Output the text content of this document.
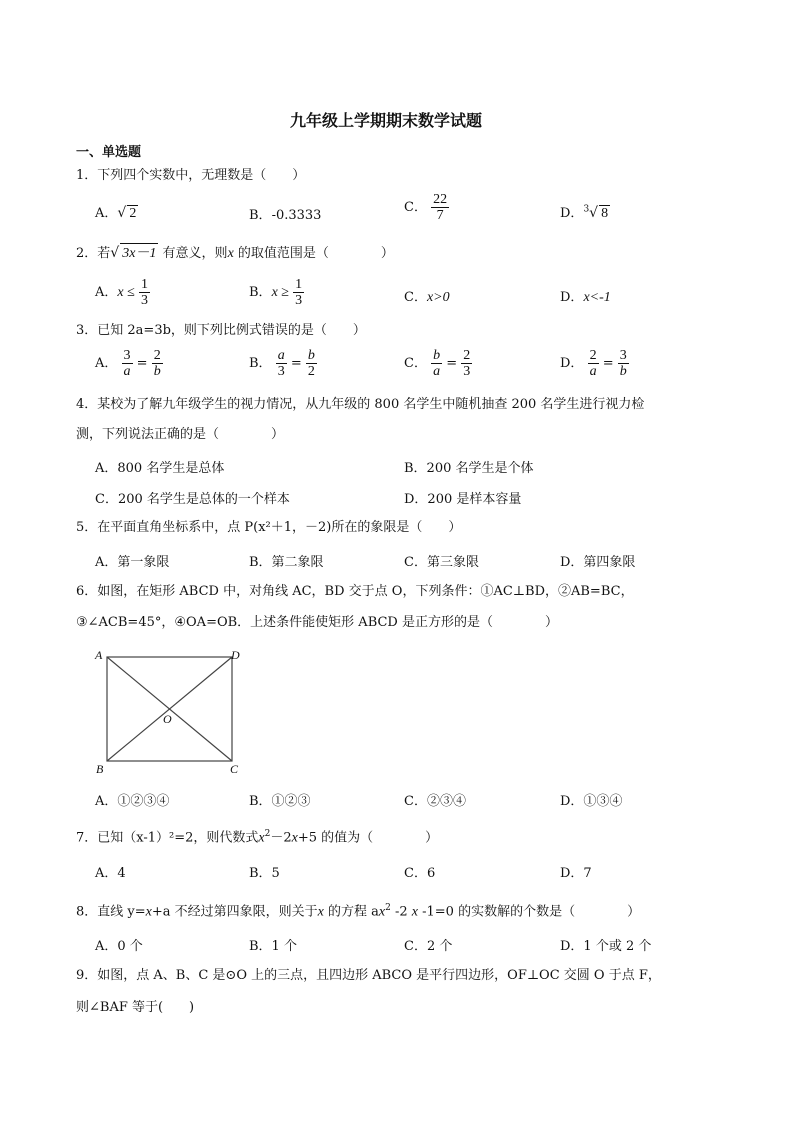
九年级上学期期末数学试题
一、单选题
1．下列四个实数中，无理数是（　　）
A．√ 2	B．-0.3333
C． $\frac{22}{7}$	D．$^3$√ 8
2．若√ 3x－1 有意义，则x 的取值范围是（　　　　）
A．$x \le \frac{1}{3}$	B．$x \ge \frac{1}{3}$	C．x>0	D．x<-1
3．已知 2a=3b，则下列比例式错误的是（　　）
A． $\frac{3}{a} = \frac{2}{b}$	B． $\frac{a}{3} = \frac{b}{2}$	C． $\frac{b}{a} = \frac{2}{3}$	D． $\frac{2}{a} = \frac{3}{b}$
4．某校为了解九年级学生的视力情况，从九年级的 800 名学生中随机抽查 200 名学生进行视力检
测，下列说法正确的是（　　　　）
A．800 名学生是总体	B．200 名学生是个体
C．200 名学生是总体的一个样本	D．200 是样本容量
5．在平面直角坐标系中，点 P(x²＋1，－2)所在的象限是（　　）
A．第一象限	B．第二象限	C．第三象限	D．第四象限
6．如图，在矩形 ABCD 中，对角线 AC，BD 交于点 O，下列条件：①AC⊥BD，②AB=BC，
③∠ACB=45°，④OA=OB．上述条件能使矩形 ABCD 是正方形的是（　　　　）
A	D
B	C
O
A．①②③④	B．①②③	C．②③④	D．①③④
7．已知（x-1）²=2，则代数式$x^2-2x+5$ 的值为（　　　　）
A．4	B．5	C．6	D．7
8．直线 y=x+a 不经过第四象限，则关于x 的方程 $ax^2$ -2 x -1=0 的实数解的个数是（　　　　）
A．0 个	B．1 个	C．2 个	D．1 个或 2 个
9．如图，点 A、B、C 是⊙O 上的三点，且四边形 ABCO 是平行四边形，OF⊥OC 交圆 O 于点 F，
则∠BAF 等于(　　)
